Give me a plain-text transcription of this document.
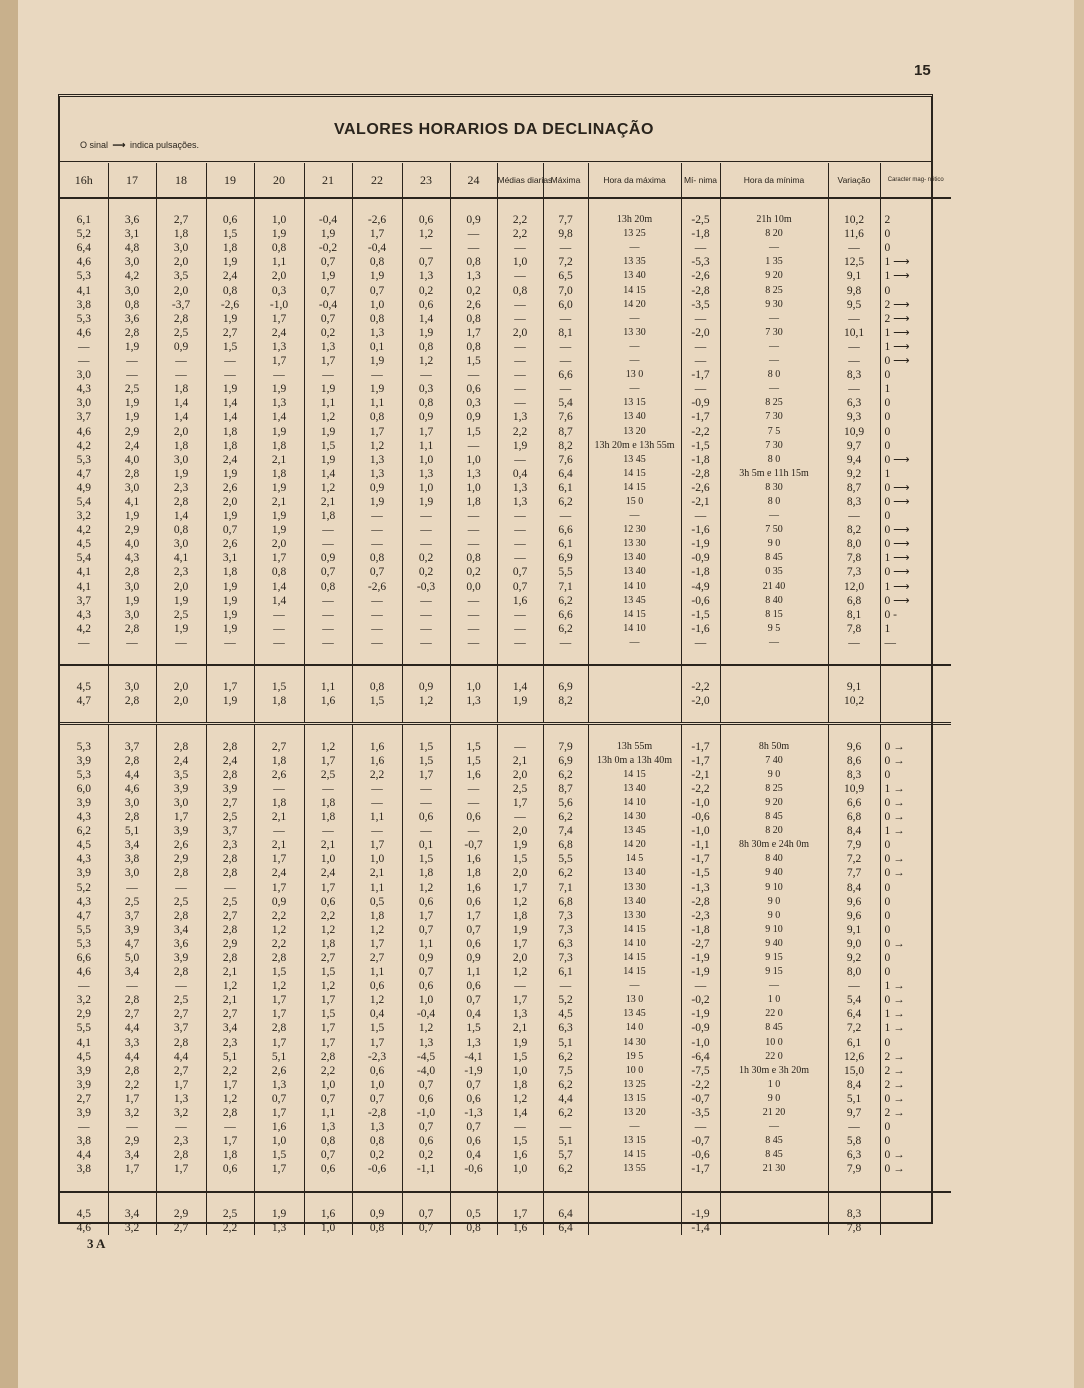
15
VALORES HORARIOS DA DECLINAÇÃO
O sinal ⟶ indica pulsações.
16h	17	18	19	20	21	22	23	24	Médias diarias	Máxima	Hora da máxima	Mí- nima	Hora da mínima	Variação	Caracter mag- nético

6,1	3,6	2,7	0,6	1,0	-0,4	-2,6	0,6	0,9	2,2	7,7	13h 20m	-2,5	21h 10m	10,2	2
5,2	3,1	1,8	1,5	1,9	1,9	1,7	1,2	—	2,2	9,8	13 25	-1,8	8 20	11,6	0
6,4	4,8	3,0	1,8	0,8	-0,2	-0,4	—	—	—	—	—	—	—	—	0
4,6	3,0	2,0	1,9	1,1	0,7	0,8	0,7	0,8	1,0	7,2	13 35	-5,3	1 35	12,5	1 ⟶
5,3	4,2	3,5	2,4	2,0	1,9	1,9	1,3	1,3	—	6,5	13 40	-2,6	9 20	9,1	1 ⟶
4,1	3,0	2,0	0,8	0,3	0,7	0,7	0,2	0,2	0,8	7,0	14 15	-2,8	8 25	9,8	0
3,8	0,8	-3,7	-2,6	-1,0	-0,4	1,0	0,6	2,6	—	6,0	14 20	-3,5	9 30	9,5	2 ⟶
5,3	3,6	2,8	1,9	1,7	0,7	0,8	1,4	0,8	—	—	—	—	—	—	2 ⟶
4,6	2,8	2,5	2,7	2,4	0,2	1,3	1,9	1,7	2,0	8,1	13 30	-2,0	7 30	10,1	1 ⟶
—	1,9	0,9	1,5	1,3	1,3	0,1	0,8	0,8	—	—	—	—	—	—	1 ⟶
—	—	—	—	1,7	1,7	1,9	1,2	1,5	—	—	—	—	—	—	0 ⟶
3,0	—	—	—	—	—	—	—	—	—	6,6	13 0	-1,7	8 0	8,3	0
4,3	2,5	1,8	1,9	1,9	1,9	1,9	0,3	0,6	—	—	—	—	—	—	1
3,0	1,9	1,4	1,4	1,3	1,1	1,1	0,8	0,3	—	5,4	13 15	-0,9	8 25	6,3	0
3,7	1,9	1,4	1,4	1,4	1,2	0,8	0,9	0,9	1,3	7,6	13 40	-1,7	7 30	9,3	0
4,6	2,9	2,0	1,8	1,9	1,9	1,7	1,7	1,5	2,2	8,7	13 20	-2,2	7 5	10,9	0
4,2	2,4	1,8	1,8	1,8	1,5	1,2	1,1	—	1,9	8,2	13h 20m e 13h 55m	-1,5	7 30	9,7	0
5,3	4,0	3,0	2,4	2,1	1,9	1,3	1,0	1,0	—	7,6	13 45	-1,8	8 0	9,4	0 ⟶
4,7	2,8	1,9	1,9	1,8	1,4	1,3	1,3	1,3	0,4	6,4	14 15	-2,8	3h 5m e 11h 15m	9,2	1
4,9	3,0	2,3	2,6	1,9	1,2	0,9	1,0	1,0	1,3	6,1	14 15	-2,6	8 30	8,7	0 ⟶
5,4	4,1	2,8	2,0	2,1	2,1	1,9	1,9	1,8	1,3	6,2	15 0	-2,1	8 0	8,3	0 ⟶
3,2	1,9	1,4	1,9	1,9	1,8	—	—	—	—	—	—	—	—	—	0
4,2	2,9	0,8	0,7	1,9	—	—	—	—	—	6,6	12 30	-1,6	7 50	8,2	0 ⟶
4,5	4,0	3,0	2,6	2,0	—	—	—	—	—	6,1	13 30	-1,9	9 0	8,0	0 ⟶
5,4	4,3	4,1	3,1	1,7	0,9	0,8	0,2	0,8	—	6,9	13 40	-0,9	8 45	7,8	1 ⟶
4,1	2,8	2,3	1,8	0,8	0,7	0,7	0,2	0,2	0,7	5,5	13 40	-1,8	0 35	7,3	0 ⟶
4,1	3,0	2,0	1,9	1,4	0,8	-2,6	-0,3	0,0	0,7	7,1	14 10	-4,9	21 40	12,0	1 ⟶
3,7	1,9	1,9	1,9	1,4	—	—	—	—	1,6	6,2	13 45	-0,6	8 40	6,8	0 ⟶
4,3	3,0	2,5	1,9	—	—	—	—	—	—	6,6	14 15	-1,5	8 15	8,1	0 -
4,2	2,8	1,9	1,9	—	—	—	—	—	—	6,2	14 10	-1,6	9 5	7,8	1
—	—	—	—	—	—	—	—	—	—	—	—	—	—	—	—

4,5	3,0	2,0	1,7	1,5	1,1	0,8	0,9	1,0	1,4	6,9		-2,2		9,1	
4,7	2,8	2,0	1,9	1,8	1,6	1,5	1,2	1,3	1,9	8,2		-2,0		10,2	

5,3	3,7	2,8	2,8	2,7	1,2	1,6	1,5	1,5	—	7,9	13h 55m	-1,7	8h 50m	9,6	0 →
3,9	2,8	2,4	2,4	1,8	1,7	1,6	1,5	1,5	2,1	6,9	13h 0m a 13h 40m	-1,7	7 40	8,6	0 →
5,3	4,4	3,5	2,8	2,6	2,5	2,2	1,7	1,6	2,0	6,2	14 15	-2,1	9 0	8,3	0
6,0	4,6	3,9	3,9	—	—	—	—	—	2,5	8,7	13 40	-2,2	8 25	10,9	1 →
3,9	3,0	3,0	2,7	1,8	1,8	—	—	—	1,7	5,6	14 10	-1,0	9 20	6,6	0 →
4,3	2,8	1,7	2,5	2,1	1,8	1,1	0,6	0,6	—	6,2	14 30	-0,6	8 45	6,8	0 →
6,2	5,1	3,9	3,7	—	—	—	—	—	2,0	7,4	13 45	-1,0	8 20	8,4	1 →
4,5	3,4	2,6	2,3	2,1	2,1	1,7	0,1	-0,7	1,9	6,8	14 20	-1,1	8h 30m e 24h 0m	7,9	0
4,3	3,8	2,9	2,8	1,7	1,0	1,0	1,5	1,6	1,5	5,5	14 5	-1,7	8 40	7,2	0 →
3,9	3,0	2,8	2,8	2,4	2,4	2,1	1,8	1,8	2,0	6,2	13 40	-1,5	9 40	7,7	0 →
5,2	—	—	—	1,7	1,7	1,1	1,2	1,6	1,7	7,1	13 30	-1,3	9 10	8,4	0
4,3	2,5	2,5	2,5	0,9	0,6	0,5	0,6	0,6	1,2	6,8	13 40	-2,8	9 0	9,6	0
4,7	3,7	2,8	2,7	2,2	2,2	1,8	1,7	1,7	1,8	7,3	13 30	-2,3	9 0	9,6	0
5,5	3,9	3,4	2,8	1,2	1,2	1,2	0,7	0,7	1,9	7,3	14 15	-1,8	9 10	9,1	0
5,3	4,7	3,6	2,9	2,2	1,8	1,7	1,1	0,6	1,7	6,3	14 10	-2,7	9 40	9,0	0 →
6,6	5,0	3,9	2,8	2,8	2,7	2,7	0,9	0,9	2,0	7,3	14 15	-1,9	9 15	9,2	0
4,6	3,4	2,8	2,1	1,5	1,5	1,1	0,7	1,1	1,2	6,1	14 15	-1,9	9 15	8,0	0
—	—	—	1,2	1,2	1,2	0,6	0,6	0,6	—	—	—	—	—	—	1 →
3,2	2,8	2,5	2,1	1,7	1,7	1,2	1,0	0,7	1,7	5,2	13 0	-0,2	1 0	5,4	0 →
2,9	2,7	2,7	2,7	1,7	1,5	0,4	-0,4	0,4	1,3	4,5	13 45	-1,9	22 0	6,4	1 →
5,5	4,4	3,7	3,4	2,8	1,7	1,5	1,2	1,5	2,1	6,3	14 0	-0,9	8 45	7,2	1 →
4,1	3,3	2,8	2,3	1,7	1,7	1,7	1,3	1,3	1,9	5,1	14 30	-1,0	10 0	6,1	0
4,5	4,4	4,4	5,1	5,1	2,8	-2,3	-4,5	-4,1	1,5	6,2	19 5	-6,4	22 0	12,6	2 →
3,9	2,8	2,7	2,2	2,6	2,2	0,6	-4,0	-1,9	1,0	7,5	10 0	-7,5	1h 30m e 3h 20m	15,0	2 →
3,9	2,2	1,7	1,7	1,3	1,0	1,0	0,7	0,7	1,8	6,2	13 25	-2,2	1 0	8,4	2 →
2,7	1,7	1,3	1,2	0,7	0,7	0,7	0,6	0,6	1,2	4,4	13 15	-0,7	9 0	5,1	0 →
3,9	3,2	3,2	2,8	1,7	1,1	-2,8	-1,0	-1,3	1,4	6,2	13 20	-3,5	21 20	9,7	2 →
—	—	—	—	1,6	1,3	1,3	0,7	0,7	—	—	—	—	—	—	0
3,8	2,9	2,3	1,7	1,0	0,8	0,8	0,6	0,6	1,5	5,1	13 15	-0,7	8 45	5,8	0
4,4	3,4	2,8	1,8	1,5	0,7	0,2	0,2	0,4	1,6	5,7	14 15	-0,6	8 45	6,3	0 →
3,8	1,7	1,7	0,6	1,7	0,6	-0,6	-1,1	-0,6	1,0	6,2	13 55	-1,7	21 30	7,9	0 →

4,5	3,4	2,9	2,5	1,9	1,6	0,9	0,7	0,5	1,7	6,4		-1,9		8,3	
4,6	3,2	2,7	2,2	1,3	1,0	0,8	0,7	0,8	1,6	6,4		-1,4		7,8	
3 A
